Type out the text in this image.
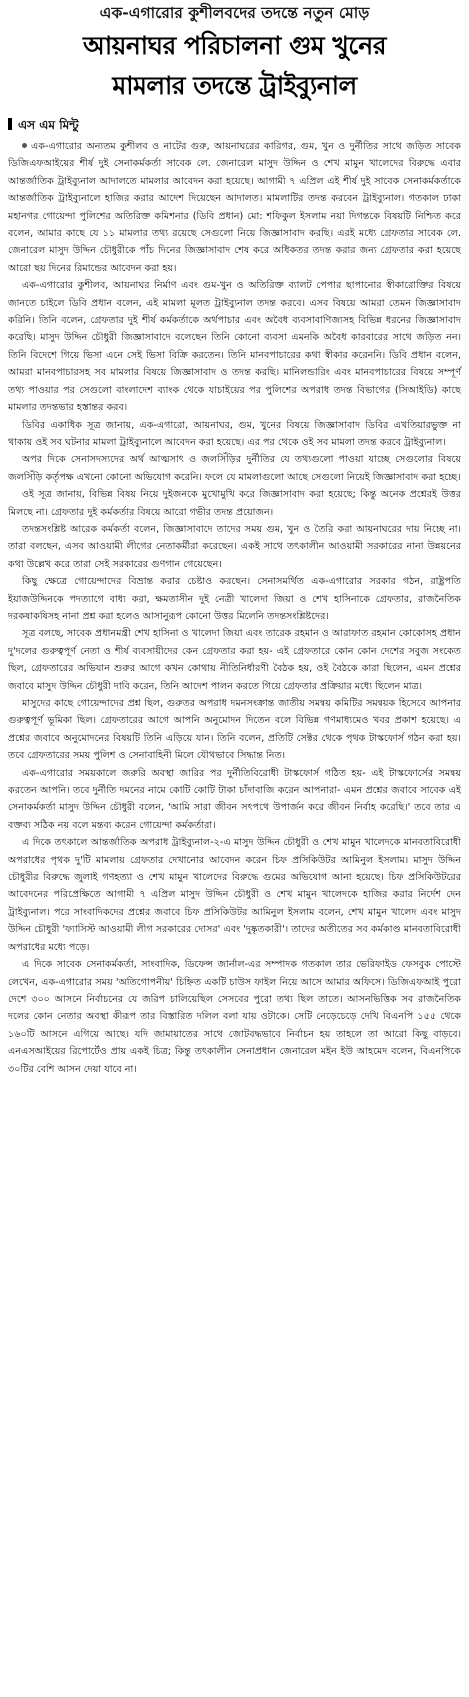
এক-এগারোর কুশীলবদের তদন্তে নতুন মোড়
আয়নাঘর পরিচালনা গুম খুনের
মামলার তদন্তে ট্রাইব্যুনাল
এস এম মিন্টু

এক-এগারোর অন্যতম কুশীলব ও নাটের গুরু, আয়নাঘরের কারিগর, গুম, খুন ও দুর্নীতির সাথে জড়িত সাবেক ডিজিএফআইয়ের শীর্ষ দুই সেনাকর্মকর্তা সাবেক লে. জেনারেল মাসুদ উদ্দিন ও শেখ মামুন খালেদের বিরুদ্ধে এবার আন্তর্জাতিক ট্রাইব্যুনাল আদালতে মামলার আবেদন করা হয়েছে। আগামী ৭ এপ্রিল এই শীর্ষ দুই সাবেক সেনাকর্মকর্তাকে আন্তর্জাতিক ট্রাইব্যুনালে হাজির করার আদেশ দিয়েছেন আদালত। মামলাটির তদন্ত করবেন ট্রাইব্যুনাল। গতকাল ঢাকা মহানগর গোয়েন্দা পুলিশের অতিরিক্ত কমিশনার (ডিবি প্রধান) মো: শফিকুল ইসলাম নয়া দিগন্তকে বিষয়টি নিশ্চিত করে বলেন, আমার কাছে যে ১১ মামলার তথ্য রয়েছে সেগুলো নিয়ে জিজ্ঞাসাবাদ করছি। এরই মধ্যে গ্রেফতার সাবেক লে. জেনারেল মাসুদ উদ্দিন চৌধুরীকে পাঁচ দিনের জিজ্ঞাসাবাদ শেষ করে অধিকতর তদন্ত করার জন্য গ্রেফতার করা হয়েছে আরো ছয় দিনের রিমান্ডের আবেদন করা হয়।

এক-এগারোর কুশীলব, আয়নাঘর নির্মাণ এবং গুম-খুন ও অতিরিক্ত ব্যালট পেপার ছাপানোর স্বীকারোক্তির বিষয়ে জানতে চাইলে ডিবি প্রধান বলেন, এই মামলা মূলত ট্রাইব্যুনাল তদন্ত করবে। এসব বিষয়ে আমরা তেমন জিজ্ঞাসাবাদ করিনি। তিনি বলেন, গ্রেফতার দুই শীর্ষ কর্মকর্তাকে অর্থপাচার এবং অবৈধ ব্যবসাবাণিজ্যসহ বিভিন্ন ধরনের জিজ্ঞাসাবাদ করেছি। মাসুদ উদ্দিন চৌধুরী জিজ্ঞাসাবাদে বলেছেন তিনি কোনো ব্যবসা এমনকি অবৈধ কারবারের সাথে জড়িত নন। তিনি বিদেশে গিয়ে ভিসা এনে সেই ভিসা বিক্রি করতেন। তিনি মানবপাচারের কথা স্বীকার করেননি। ডিবি প্রধান বলেন, আমরা মানবপাচারসহ সব মামলার বিষয়ে জিজ্ঞাসাবাদ ও তদন্ত করছি। মানিলন্ডারিং এবং মানবপাচারের বিষয়ে সম্পূর্ণ তথ্য পাওয়ার পর সেগুলো বাংলাদেশ ব্যাংক থেকে যাচাইয়ের পর পুলিশের অপরাধ তদন্ত বিভাগের (সিআইডি) কাছে মামলার তদন্তভার হস্তান্তর করব।

ডিবির একাধিক সূত্র জানায়, এক-এগারো, আয়নাঘর, গুম, খুনের বিষয়ে জিজ্ঞাসাবাদ ডিবির এখতিয়ারভুক্ত না থাকায় ওই সব ঘটনার মামলা ট্রাইব্যুনালে আবেদন করা হয়েছে। এর পর থেকে ওই সব মামলা তদন্ত করবে ট্রাইব্যুনাল।

অপর দিকে সেনাসদস্যদের অর্থ আত্মসাৎ ও জলসিঁড়ির দুর্নীতির যে তথ্যগুলো পাওয়া যাচ্ছে সেগুলোর বিষয়ে জলসিঁড়ি কর্তৃপক্ষ এখনো কোনো অভিযোগ করেনি। ফলে যে মামলাগুলো আছে সেগুলো নিয়েই জিজ্ঞাসাবাদ করা হচ্ছে।

ওই সূত্র জানায়, বিভিন্ন বিষয় নিয়ে দুইজনকে মুখোমুখি করে জিজ্ঞাসাবাদ করা হয়েছে; কিন্তু অনেক প্রশ্নেরই উত্তর মিলছে না। গ্রেফতার দুই কর্মকর্তার বিষয়ে আরো গভীর তদন্ত প্রয়োজন।

তদন্তসংশ্লিষ্ট আরেক কর্মকর্তা বলেন, জিজ্ঞাসাবাদে তাদের সময় গুম, খুন ও তৈরি করা আয়নাঘরের দায় নিচ্ছে না। তারা বলছেন, এসব আওয়ামী লীগের নেতাকর্মীরা করেছেন। একই সাথে তৎকালীন আওয়ামী সরকারের নানা উন্নয়নের কথা উল্লেখ করে তারা সেই সরকারের গুণগান গেয়েছেন।

কিছু ক্ষেত্রে গোয়েন্দাদের বিভ্রান্ত করার চেষ্টাও করছেন। সেনাসমর্থিত এক-এগারোর সরকার গঠন, রাষ্ট্রপতি ইয়াজউদ্দিনকে পদত্যাগে বাধ্য করা, ক্ষমতাসীন দুই নেত্রী খালেদা জিয়া ও শেখ হাসিনাকে গ্রেফতার, রাজনৈতিক দরকষাকষিসহ নানা প্রশ্ন করা হলেও আসানুরূপ কোনো উত্তর মিলেনি তদন্তসংশ্লিষ্টদের।

সূত্র বলছে, সাবেক প্রধানমন্ত্রী শেখ হাসিনা ও খালেদা জিয়া এবং তারেক রহমান ও আরাফাত রহমান কোকোসহ প্রধান দু'দলের গুরুত্বপূর্ণ নেতা ও শীর্ষ ব্যবসায়ীদের কেন গ্রেফতার করা হয়- এই গ্রেফতারে কোন কোন দেশের সবুজ সংকেত ছিল, গ্রেফতারের অভিযান শুরুর আগে কখন কোথায় নীতিনির্ধারণী বৈঠক হয়, ওই বৈঠকে কারা ছিলেন, এমন প্রশ্নের জবাবে মাসুদ উদ্দিন চৌধুরী দাবি করেন, তিনি আদেশ পালন করতে গিয়ে গ্রেফতার প্রক্রিয়ার মধ্যে ছিলেন মাত্র।

মাসুদের কাছে গোয়েন্দাদের প্রশ্ন ছিল, গুরুতর অপরাধ দমনসংক্রান্ত জাতীয় সমন্বয় কমিটির সমন্বয়ক হিসেবে আপনার গুরুত্বপূর্ণ ভূমিকা ছিল। গ্রেফতারের আগে আপনি অনুমোদন দিতেন বলে বিভিন্ন গণমাধ্যমেও খবর প্রকাশ হয়েছে। এ প্রশ্নের জবাবে অনুমোদনের বিষয়টি তিনি এড়িয়ে যান। তিনি বলেন, প্রতিটি সেক্টর থেকে পৃথক টাস্কফোর্স গঠন করা হয়। তবে গ্রেফতারের সময় পুলিশ ও সেনাবাহিনী মিলে যৌথভাবে সিদ্ধান্ত নিত।

এক-এগারোর সময়কালে জরুরি অবস্থা জারির পর দুর্নীতিবিরোধী টাস্কফোর্স গঠিত হয়- এই টাস্কফোর্সের সমন্বয় করতেন আপনি। তবে দুর্নীতি দমনের নামে কোটি কোটি টাকা চাঁদাবাজি করেন আপনারা- এমন প্রশ্নের জবাবে সাবেক এই সেনাকর্মকর্তা মাসুদ উদ্দিন চৌধুরী বলেন, 'আমি সারা জীবন সৎপথে উপার্জন করে জীবন নির্বাহ করেছি।' তবে তার এ বক্তব্য সঠিক নয় বলে মন্তব্য করেন গোয়েন্দা কর্মকর্তারা।

এ দিকে তৎকালে আন্তর্জাতিক অপরাধ ট্রাইব্যুনাল-২-এ মাসুদ উদ্দিন চৌধুরী ও শেখ মামুন খালেদকে মানবতাবিরোধী অপরাধের পৃথক দু'টি মামলায় গ্রেফতার দেখানোর আবেদন করেন চিফ প্রসিকিউটর আমিনুল ইসলাম। মাসুদ উদ্দিন চৌধুরীর বিরুদ্ধে জুলাই গণহত্যা ও শেখ মামুন খালেদের বিরুদ্ধে গুমের অভিযোগ আনা হয়েছে। চিফ প্রসিকিউটরের আবেদনের পরিপ্রেক্ষিতে আগামী ৭ এপ্রিল মাসুদ উদ্দিন চৌধুরী ও শেখ মামুন খালেদকে হাজির করার নির্দেশ দেন ট্রাইব্যুনাল। পরে সাংবাদিকদের প্রশ্নের জবাবে চিফ প্রসিকিউটর আমিনুল ইসলাম বলেন, শেখ মামুন খালেদ এবং মাসুদ উদ্দিন চৌধুরী 'ফ্যাসিস্ট আওয়ামী লীগ সরকারের দোসর' এবং 'দুষ্কৃতকারী'। তাদের অতীতের সব কর্মকাণ্ড মানবতাবিরোধী অপরাধের মধ্যে পড়ে।

এ দিকে সাবেক সেনাকর্মকর্তা, সাংবাদিক, ডিফেন্স জার্নাল-এর সম্পাদক গতকাল তার ভেরিফাইড ফেসবুক পোস্টে লেখেন, এক-এগারোর সময় 'অতিগোপনীয়' চিহ্নিত একটি চাউস ফাইল নিয়ে আসে আমার অফিসে। ডিজিএফআই পুরো দেশে ৩০০ আসনে নির্বাচনের যে জরিপ চালিয়েছিল সেসবের পুরো তথ্য ছিল তাতে। আসনভিত্তিক সব রাজনৈতিক দলের কোন নেতার অবস্থা কীরূপ তার বিস্তারিত দলিল বলা যায় ওটাকে। সেটি নেড়েচেড়ে দেখি বিএনপি ১৫৫ থেকে ১৬০টি আসনে এগিয়ে আছে। যদি জামায়াতের সাথে জোটবদ্ধভাবে নির্বাচন হয় তাহলে তা আরো কিছু বাড়বে। এনএসআইয়ের রিপোর্টেও প্রায় একই চিত্র; কিন্তু তৎকালীন সেনাপ্রধান জেনারেল মইন ইউ আহমেদ বলেন, বিএনপিকে ৩০টির বেশি আসন দেয়া যাবে না।
